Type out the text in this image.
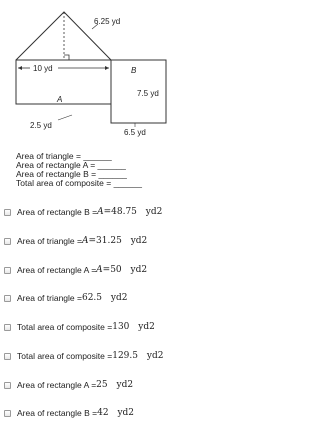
6.25 yd
10 yd	B
7.5 yd
A
2.5 yd
6.5 yd
Area of triangle = ______
Area of rectangle A = ______
Area of rectangle B = ______
Total area of composite = ______
Area of rectangle B = A = 48.75
yd 2
Area of triangle = A = 31.25
yd 2
Area of rectangle A = A = 50
yd 2
Area of triangle = 62.5
yd 2
Total area of composite = 130
yd 2
Total area of composite = 129.5
yd 2
Area of rectangle A = 25
yd 2
Area of rectangle B = 42
yd 2
